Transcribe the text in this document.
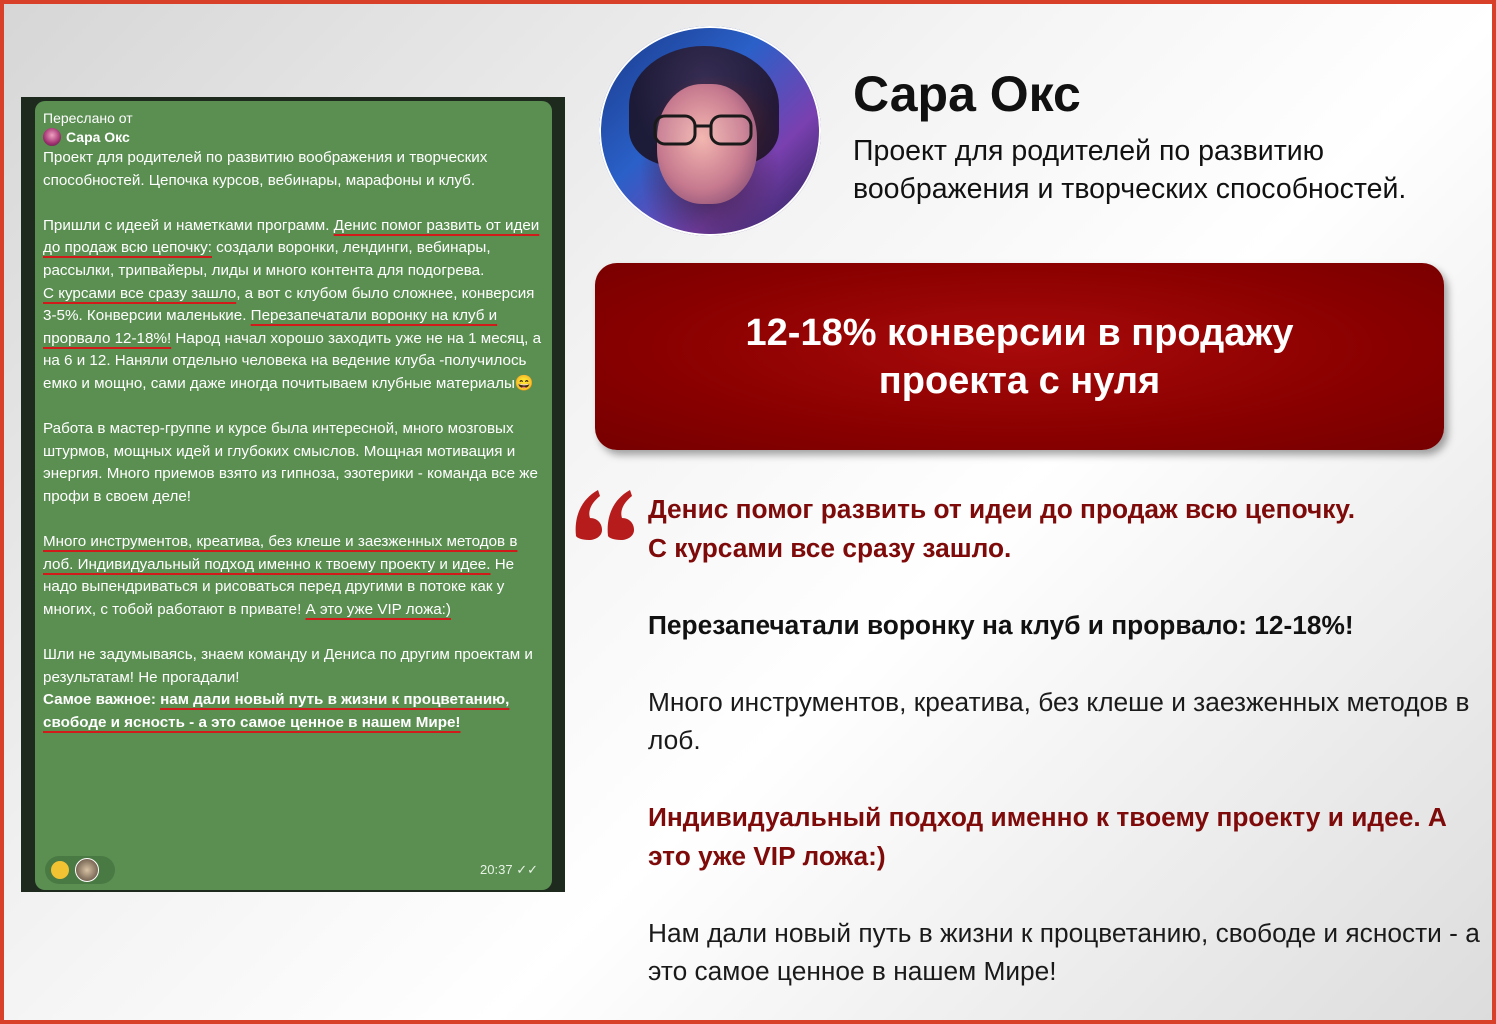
Переслано от

Сара Окс

Проект для родителей по развитию воображения и творческих способностей. Цепочка курсов, вебинары, марафоны и клуб.

Пришли с идеей и наметками программ. Денис помог развить от идеи до продаж всю цепочку: создали воронки, лендинги, вебинары, рассылки, трипвайеры, лиды и много контента для подогрева.

С курсами все сразу зашло, а вот с клубом было сложнее, конверсия 3-5%. Конверсии маленькие. Перезапечатали воронку на клуб и прорвало 12-18%! Народ начал хорошо заходить уже не на 1 месяц, а на 6 и 12. Наняли отдельно человека на ведение клуба -получилось емко и мощно, сами даже иногда почитываем клубные материалы😄

Работа в мастер-группе и курсе была интересной, много мозговых штурмов, мощных идей и глубоких смыслов. Мощная мотивация и энергия. Много приемов взято из гипноза, эзотерики - команда все же профи в своем деле!

Много инструментов, креатива, без клеше и заезженных методов в лоб. Индивидуальный подход именно к твоему проекту и идее. Не надо выпендриваться и рисоваться перед другими в потоке как у многих, с тобой работают в привате! А это уже VIP ложа:)

Шли не задумываясь, знаем команду и Дениса по другим проектам и результатам! Не прогадали!

Самое важное: нам дали новый путь в жизни к процветанию, свободе и ясность - а это самое ценное в нашем Мире!

20:37 ✓✓
Сара Окс

Проект для родителей по развитию воображения и творческих способностей.

12-18% конверсии в продажу
проекта с нуля

Денис помог развить от идеи до продаж всю цепочку.

С курсами все сразу зашло.

Перезапечатали воронку на клуб и прорвало: 12-18%!

Много инструментов, креатива, без клеше и заезженных методов в лоб.

Индивидуальный подход именно к твоему проекту и идее. А это уже VIP ложа:)

Нам дали новый путь в жизни к процветанию, свободе и ясности - а это самое ценное в нашем Мире!
